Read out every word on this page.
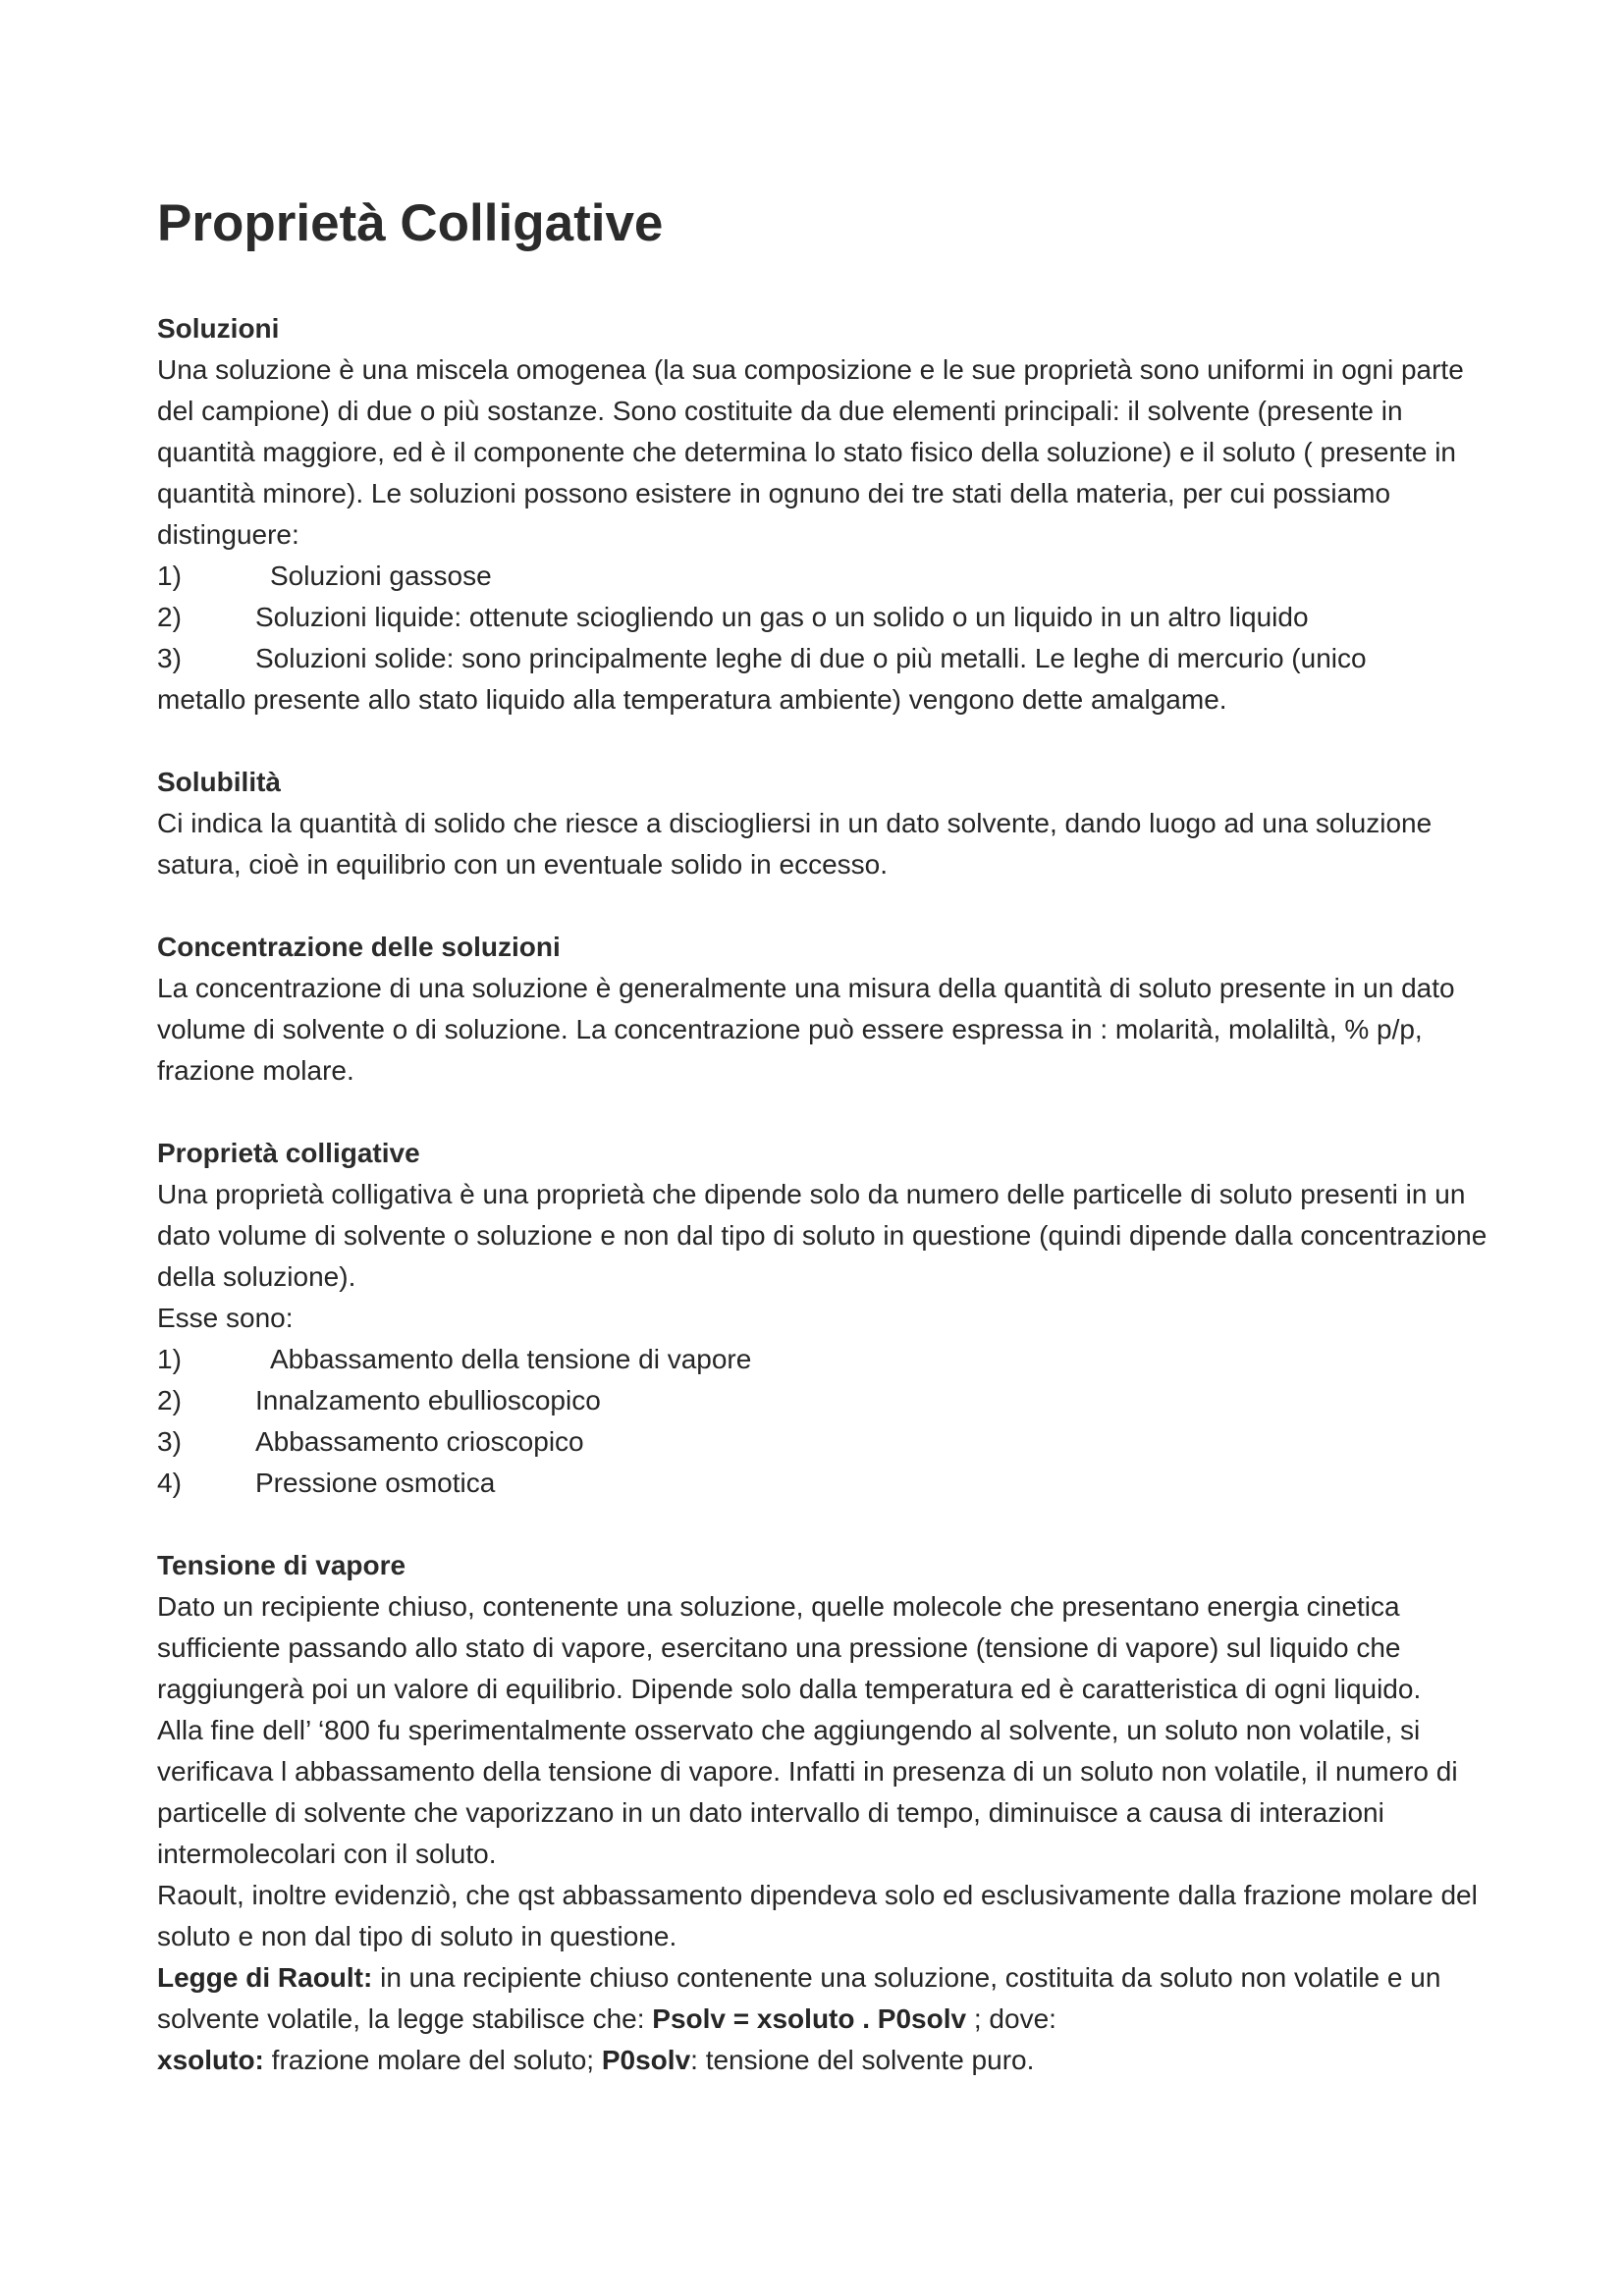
Proprietà Colligative
Soluzioni

Una soluzione è una miscela omogenea (la sua composizione e le sue proprietà sono uniformi in ogni parte del campione) di due o più sostanze. Sono costituite da due elementi principali: il solvente (presente in quantità maggiore, ed è il componente che determina lo stato fisico della soluzione) e il soluto ( presente in quantità minore). Le soluzioni possono esistere in ognuno dei tre stati della materia, per cui possiamo distinguere:

1)	Soluzioni gassose
2)	Soluzioni liquide: ottenute sciogliendo un gas o un solido o un liquido in un altro liquido
3)	Soluzioni solide: sono principalmente leghe di due o più metalli. Le leghe di mercurio (unico

metallo presente allo stato liquido alla temperatura ambiente) vengono dette amalgame.

Solubilità

Ci indica la quantità di solido che riesce a disciogliersi in un dato solvente, dando luogo ad una soluzione satura, cioè in equilibrio con un eventuale solido in eccesso.

Concentrazione delle soluzioni

La concentrazione di una soluzione è generalmente una misura della quantità di soluto presente in un dato volume di solvente o di soluzione. La concentrazione può essere espressa in : molarità, molaliltà, % p/p, frazione molare.

Proprietà colligative

Una proprietà colligativa è una proprietà che dipende solo da numero delle particelle di soluto presenti in un dato volume di solvente o soluzione e non dal tipo di soluto in questione (quindi dipende dalla concentrazione della soluzione).

Esse sono:

1)	Abbassamento della tensione di vapore
2)	Innalzamento ebullioscopico
3)	Abbassamento crioscopico
4)	Pressione osmotica
Tensione di vapore

Dato un recipiente chiuso, contenente una soluzione, quelle molecole che presentano energia cinetica sufficiente passando allo stato di vapore, esercitano una pressione (tensione di vapore) sul liquido che raggiungerà poi un valore di equilibrio. Dipende solo dalla temperatura ed è caratteristica di ogni liquido.

Alla fine dell’ ‘800 fu sperimentalmente osservato che aggiungendo al solvente, un soluto non volatile, si verificava l abbassamento della tensione di vapore. Infatti in presenza di un soluto non volatile, il numero di particelle di solvente che vaporizzano in un dato intervallo di tempo, diminuisce a causa di interazioni intermolecolari con il soluto.

Raoult, inoltre evidenziò, che qst abbassamento dipendeva solo ed esclusivamente dalla frazione molare del soluto e non dal tipo di soluto in questione.

Legge di Raoult: in una recipiente chiuso contenente una soluzione, costituita da soluto non volatile e un solvente volatile, la legge stabilisce che: Psolv = xsoluto . P0solv ; dove:

xsoluto: frazione molare del soluto; P0solv: tensione del solvente puro.
